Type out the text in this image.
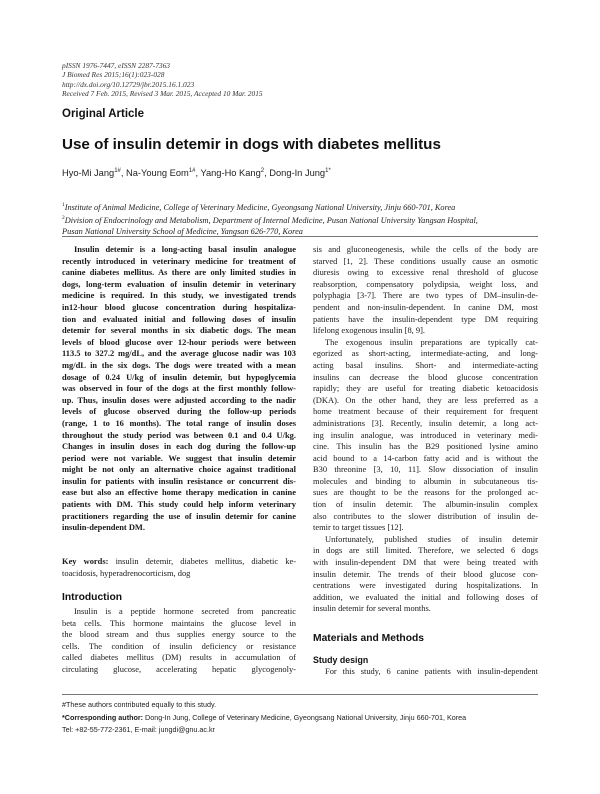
pISSN 1976-7447, eISSN 2287-7363
J Biomed Res 2015;16(1):023-028
http://dx.doi.org/10.12729/jbr.2015.16.1.023
Received 7 Feb. 2015, Revised 3 Mar. 2015, Accepted 10 Mar. 2015
Original Article
Use of insulin detemir in dogs with diabetes mellitus
Hyo-Mi Jang$^{1\#}$, Na-Young Eom$^{1\#}$, Yang-Ho Kang$^2$, Dong-In Jung$^{1*}$
$^1$Institute of Animal Medicine, College of Veterinary Medicine, Gyeongsang National University, Jinju 660-701, Korea
$^2$Division of Endocrinology and Metabolism, Department of Internal Medicine, Pusan National University Yangsan Hospital,
Pusan National University School of Medicine, Yangsan 626-770, Korea
Insulin detemir is a long-acting basal insulin analogue
recently introduced in veterinary medicine for treatment of
canine diabetes mellitus. As there are only limited studies in
dogs, long-term evaluation of insulin detemir in veterinary
medicine is required. In this study, we investigated trends
in12-hour blood glucose concentration during hospitaliza-
tion and evaluated initial and following doses of insulin
detemir for several months in six diabetic dogs. The mean
levels of blood glucose over 12-hour periods were between
113.5 to 327.2 mg/dL, and the average glucose nadir was 103
mg/dL in the six dogs. The dogs were treated with a mean
dosage of 0.24 U/kg of insulin detemir, but hypoglycemia
was observed in four of the dogs at the first monthly follow-
up. Thus, insulin doses were adjusted according to the nadir
levels of glucose observed during the follow-up periods
(range, 1 to 16 months). The total range of insulin doses
throughout the study period was between 0.1 and 0.4 U/kg.
Changes in insulin doses in each dog during the follow-up
period were not variable. We suggest that insulin detemir
might be not only an alternative choice against traditional
insulin for patients with insulin resistance or concurrent dis-
ease but also an effective home therapy medication in canine
patients with DM. This study could help inform veterinary
practitioners regarding the use of insulin detemir for canine
insulin-dependent DM.
Key words: insulin detemir, diabetes mellitus, diabetic ke-
toacidosis, hyperadrenocorticism, dog
Introduction
Insulin is a peptide hormone secreted from pancreatic
beta cells. This hormone maintains the glucose level in
the blood stream and thus supplies energy source to the
cells. The condition of insulin deficiency or resistance
called diabetes mellitus (DM) results in accumulation of
circulating glucose, accelerating hepatic glycogenoly-
sis and gluconeogenesis, while the cells of the body are
starved [1, 2]. These conditions usually cause an osmotic
diuresis owing to excessive renal threshold of glucose
reabsorption, compensatory polydipsia, weight loss, and
polyphagia [3-7]. There are two types of DM–insulin-de-
pendent and non-insulin-dependent. In canine DM, most
patients have the insulin-dependent type DM requiring
lifelong exogenous insulin [8, 9].
The exogenous insulin preparations are typically cat-
egorized as short-acting, intermediate-acting, and long-
acting basal insulins. Short- and intermediate-acting
insulins can decrease the blood glucose concentration
rapidly; they are useful for treating diabetic ketoacidosis
(DKA). On the other hand, they are less preferred as a
home treatment because of their requirement for frequent
administrations [3]. Recently, insulin detemir, a long act-
ing insulin analogue, was introduced in veterinary medi-
cine. This insulin has the B29 positioned lysine amino
acid bound to a 14-carbon fatty acid and is without the
B30 threonine [3, 10, 11]. Slow dissociation of insulin
molecules and binding to albumin in subcutaneous tis-
sues are thought to be the reasons for the prolonged ac-
tion of insulin detemir. The albumin-insulin complex
also contributes to the slower distribution of insulin de-
temir to target tissues [12].
Unfortunately, published studies of insulin detemir
in dogs are still limited. Therefore, we selected 6 dogs
with insulin-dependent DM that were being treated with
insulin detemir. The trends of their blood glucose con-
centrations were investigated during hospitalizations. In
addition, we evaluated the initial and following doses of
insulin detemir for several months.
Materials and Methods
Study design
For this study, 6 canine patients with insulin-dependent
#These authors contributed equally to this study.
*Corresponding author: Dong-In Jung, College of Veterinary Medicine, Gyeongsang National University, Jinju 660-701, Korea
Tel: +82-55-772-2361, E-mail: jungdi@gnu.ac.kr
